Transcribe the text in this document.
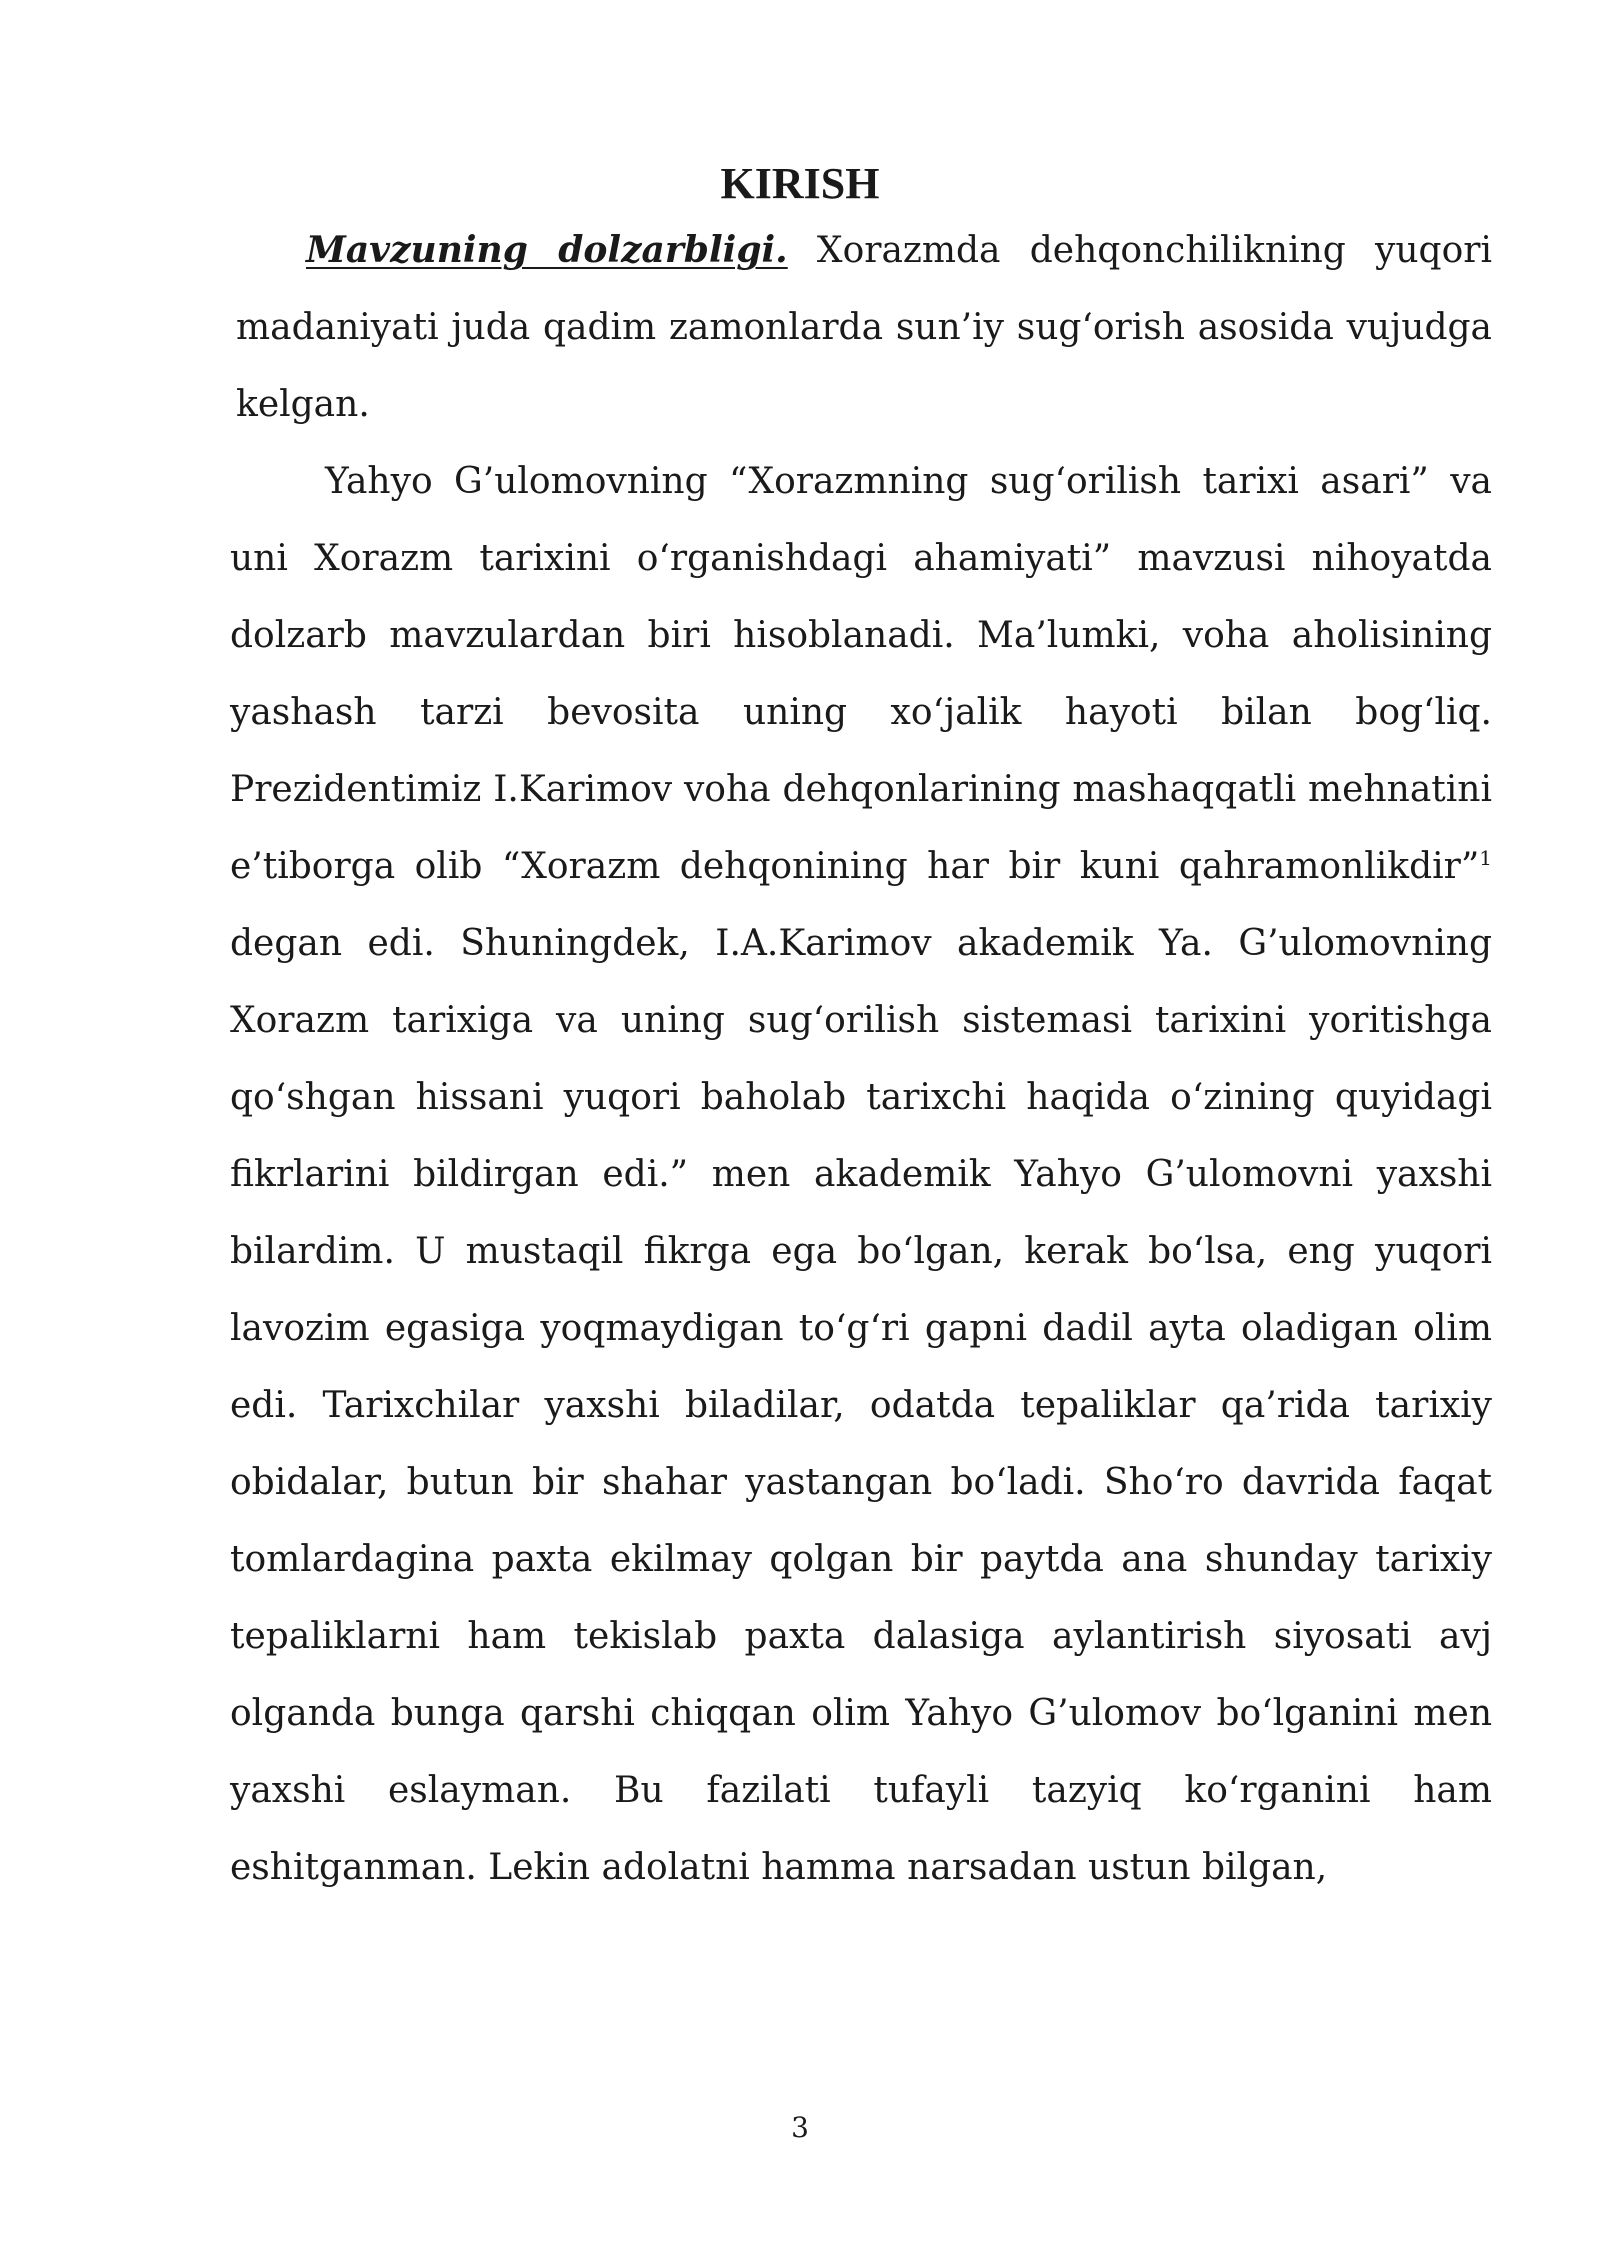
KIRISH

Mavzuning dolzarbligi. Xorazmda dehqonchilikning yuqori madaniyati juda qadim zamonlarda sun’iy sug‘orish asosida vujudga kelgan.

Yahyo G’ulomovning “Xorazmning sug‘orilish tarixi asari” va uni Xorazm tarixini o‘rganishdagi ahamiyati” mavzusi nihoyatda dolzarb mavzulardan biri hisoblanadi. Ma’lumki, voha aholisining yashash tarzi bevosita uning xo‘jalik hayoti bilan bog‘liq. Prezidentimiz I.Karimov voha dehqonlarining mashaqqatli mehnatini e’tiborga olib “Xorazm dehqonining har bir kuni qahramonlikdir”$^1$ degan edi. Shuningdek, I.A.Karimov akademik Ya. G’ulomovning Xorazm tarixiga va uning sug‘orilish sistemasi tarixini yoritishga qo‘shgan hissani yuqori baholab tarixchi haqida o‘zining quyidagi fikrlarini bildirgan edi.” men akademik Yahyo G’ulomovni yaxshi bilardim. U mustaqil fikrga ega bo‘lgan, kerak bo‘lsa, eng yuqori lavozim egasiga yoqmaydigan to‘g‘ri gapni dadil ayta oladigan olim edi. Tarixchilar yaxshi biladilar, odatda tepaliklar qa’rida tarixiy obidalar, butun bir shahar yastangan bo‘ladi. Sho‘ro davrida faqat tomlardagina paxta ekilmay qolgan bir paytda ana shunday tarixiy tepaliklarni ham tekislab paxta dalasiga aylantirish siyosati avj olganda bunga qarshi chiqqan olim Yahyo G’ulomov bo‘lganini men yaxshi eslayman. Bu fazilati tufayli tazyiq ko‘rganini ham eshitganman. Lekin adolatni hamma narsadan ustun bilgan,

3
